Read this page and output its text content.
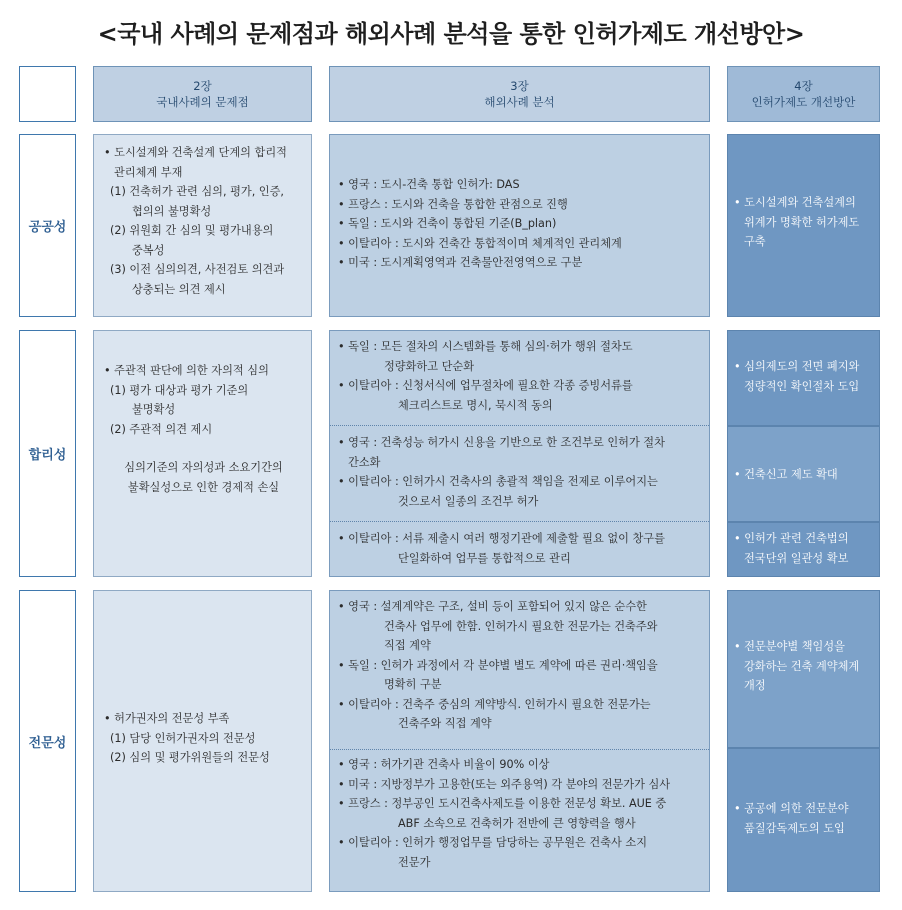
<국내 사례의 문제점과 해외사례 분석을 통한 인허가제도 개선방안>
2장
국내사례의 문제점
3장
해외사례 분석
4장
인허가제도 개선방안
공공성
• 도시설계와 건축설계 단계의 합리적
관리체계 부재
(1) 건축허가 관련 심의, 평가, 인증,
협의의 불명확성
(2) 위원회 간 심의 및 평가내용의
중복성
(3) 이전 심의의견, 사전검토 의견과
상충되는 의견 제시
• 영국 : 도시-건축 통합 인허가: DAS
• 프랑스 : 도시와 건축을 통합한 관점으로 진행
• 독일 : 도시와 건축이 통합된 기준(B_plan)
• 이탈리아 : 도시와 건축간 통합적이며 체계적인 관리체계
• 미국 : 도시계획영역과 건축물안전영역으로 구분
• 도시설계와 건축설계의
위계가 명확한 허가제도
구축
합리성
• 주관적 판단에 의한 자의적 심의
(1) 평가 대상과 평가 기준의
불명확성
(2) 주관적 의견 제시
심의기준의 자의성과 소요기간의
불확실성으로 인한 경제적 손실
• 독일 : 모든 절차의 시스템화를 통해 심의·허가 행위 절차도
정량화하고 단순화
• 이탈리아 : 신청서식에 업무절차에 필요한 각종 증빙서류를
체크리스트로 명시, 묵시적 동의
• 영국 : 건축성능 허가시 신용을 기반으로 한 조건부로 인허가 절차
간소화
• 이탈리아 : 인허가시 건축사의 총괄적 책임을 전제로 이루어지는
것으로서 일종의 조건부 허가
• 이탈리아 : 서류 제출시 여러 행정기관에 제출할 필요 없이 창구를
단일화하여 업무를 통합적으로 관리
• 심의제도의 전면 폐지와
정량적인 확인절차 도입
• 건축신고 제도 확대
• 인허가 관련 건축법의
전국단위 일관성 확보
전문성
• 허가권자의 전문성 부족
(1) 담당 인허가권자의 전문성
(2) 심의 및 평가위원들의 전문성
• 영국 : 설계계약은 구조, 설비 등이 포함되어 있지 않은 순수한
건축사 업무에 한함. 인허가시 필요한 전문가는 건축주와
직접 계약
• 독일 : 인허가 과정에서 각 분야별 별도 계약에 따른 권리·책임을
명확히 구분
• 이탈리아 : 건축주 중심의 계약방식. 인허가시 필요한 전문가는
건축주와 직접 계약
• 영국 : 허가기관 건축사 비율이 90% 이상
• 미국 : 지방정부가 고용한(또는 외주용역) 각 분야의 전문가가 심사
• 프랑스 : 정부공인 도시건축사제도를 이용한 전문성 확보. AUE 중
ABF 소속으로 건축허가 전반에 큰 영향력을 행사
• 이탈리아 : 인허가 행정업무를 담당하는 공무원은 건축사 소지
전문가
• 전문분야별 책임성을
강화하는 건축 계약체계
개정
• 공공에 의한 전문분야
품질감독제도의 도입
